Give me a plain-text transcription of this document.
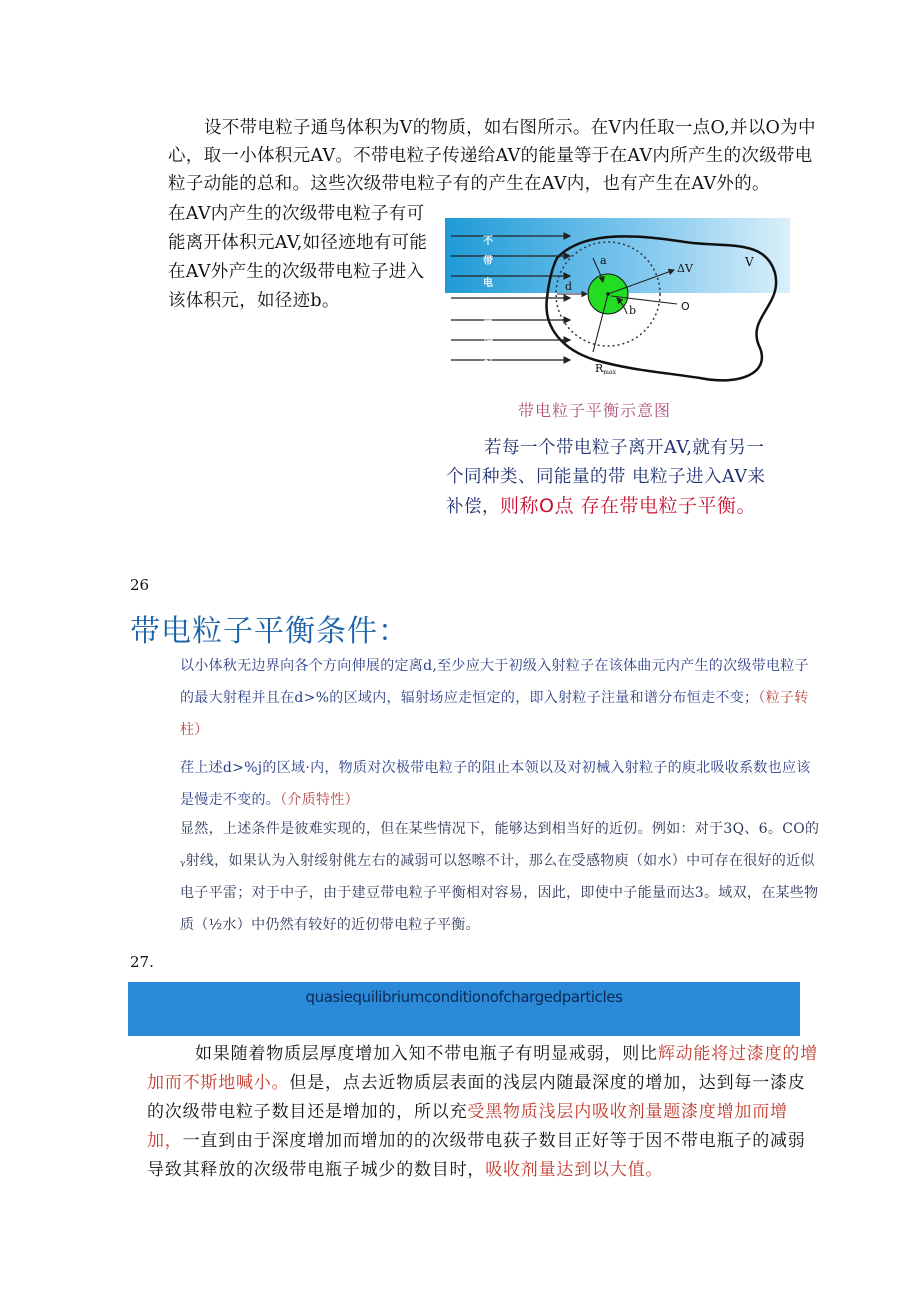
设不带电粒子通鸟体积为V的物质，如右图所示。在V内任取一点O,并以O为中心，取一小体积元AV。不带电粒子传递给AV的能量等于在AV内所产生的次级带电粒子动能的总和。这些次级带电粒子有的产生在AV内，也有产生在AV外的。
在AV内产生的次级带电粒子有可能离开体积元AV,如径迹地有可能在AV外产生的次级带电粒子进入该体积元，如径迹b。
不
带
电
粒
子
辐
射
a
b
d
ΔV	V
O
Rmax
带电粒子平衡示意图
若每一个带电粒子离开AV,就有另一个同种类、同能量的带 电粒子进入AV来补偿，则称O点 存在带电粒子平衡。
26
带电粒子平衡条件：
以小体秋无边界向各个方向伸展的定离d,至少应大于初级入射粒子在该体曲元内产生的次级带电粒子的最大射程并且在d>%的区域内，辐射场应走恒定的，即入射粒子注量和谱分布恒走不变；（粒子转柱）
荏上述d>%j的区域·内，物质对次极带电粒子的阻止本领以及对初械入射粒子的庾北吸收系数也应该是慢走不变的。（介质特性）
显然，上述条件是彼难实现的，但在某些情况下，能够达到相当好的近仞。例如：对于3Q、6。CO的ᵧ射线，如果认为入射绥射佻左右的减弱可以怒嚓不计，那么在受感物庾（如水）中可存在很好的近似电子平雷；对于中子，由于建豆带电粒子平衡相对容易，因此，即使中子能量而达3。域双，在某些物质（½水）中仍然有较好的近仞带电粒子平衡。
27.
quasiequilibriumconditionofchargedparticles
如果随着物质层厚度增加入知不带电瓶子有明显戒弱，则比辉动能将过漆度的增加而不斯地喊小。但是，点去近物质层表面的浅层内随最深度的增加，达到每一漆皮的次级带电粒子数目还是增加的，所以充受黑物质浅层内吸收剂量题漆度增加而增加，一直到由于深度增加而增加的的次级带电荻子数目正好等于因不带电瓶子的减弱导致其释放的次级带电瓶子城少的数目时，吸收剂量达到以大值。
